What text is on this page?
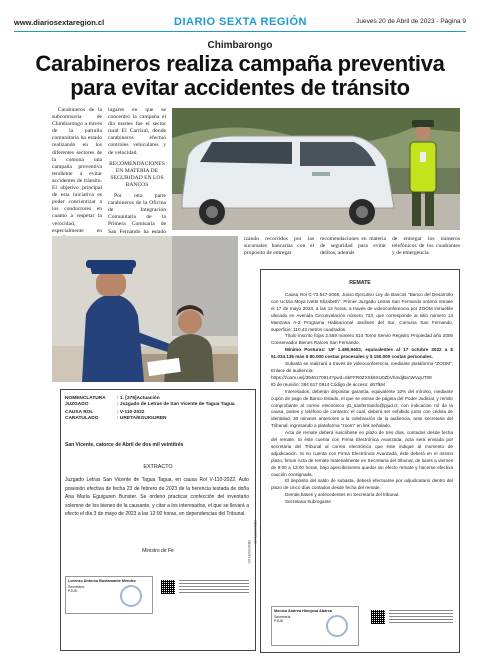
www.diariosextaregion.cl	DIARIO SEXTA REGIÓN	Jueves 20 de Abril de 2023 - Página 9
Chimbarongo
Carabineros realiza campaña preventiva para evitar accidentes de tránsito

Carabineros de la subcomisaría de Chimbarongo a través de la patrulla comunitaria ha estado realizando en los diferentes sectores de la comuna una campaña preventiva tendiente a evitar accidentes de tránsito. El objetivo principal de esta iniciativa es poder concientizar a los conductores en cuanto a respetar la velocidad, especialmente en

lugares en que se concentró la campaña el día martes fue el sector rural El Carrizal, donde carabineros efectuó controles vehiculares y de velocidad.

RECOMENDACIONES EN MATERIA DE SEGURIDAD EN LOS BANCOS

Por otra parte carabineros de la Oficina de Integración Comunitaria de la Primera Comisaría de San Fernando ha estado

izando recorridos por las sucursales bancarias con el propósito de entregar

recomendaciones en materia de seguridad para evitar delitos, además

de entregar los números telefónicos de los cuadrantes y de emergencia.

NOMENCLATURA	: 1. [378]Actuación
JUZGADO	: Juzgado de Letras de San Vicente de Tagua Tagua
CAUSA ROL	: V-110-2022
CARATULADO	: URETA/EGUIGUREN
San Vicente, catorce de Abril de dos mil veintitrés
EXTRACTO
Juzgado Letras San Vicente de Tagua Tagua, en causa Rol V-110-2022. Auto posesión efectiva de fecha 23 de febrero de 2023 de la herencia testada de doña Ana María Eguiguren Bunster. Se ordenó practicar confección del inventario solemne de los bienes de la causante, y citar a los interesados, el que se llevará a efecto el día 3 de mayo de 2023 a las 12:00 horas, en dependencias del Tribunal.
Ministro de Fe
Lorenzo Antonio Bustamante Méndez
Secretario
PJUD
XBXKSNXFLHG
REMATE

Causa Rol C-73.547-2008, Juicio Ejecutivo Ley de Bancos "Banco del Desarrollo con Uctzia Moya Ivette Elizabeth", Primer Juzgado Letras San Fernando ordenó remate el 17 de mayo 2023, a las 12 horas, a través de videoconferencia por ZOOM inmueble ubicado en Avenida Circunvalación número 723, que corresponde al sitio número 13 Manzana A-2 Programa Habitacional Jardines del Sur, Comuna San Fernando, superficie: 110,43 metros cuadrados.

Título inscrito fojas 2.559 número 514 Torno Servio Registro Propiedad año 2006 Conservador Bienes Raíces San Fernando.

Mínimo Posturas: UF 1.480,9403, equivalentes al 17 octubre 2022 a $ 51.034.136 más $ 80.000 costas procesales y $ 150.000 costas personales.

Subasta se realizará a través de videoconferencia, mediante plataforma "ZOOM". Enlace de audiencia:

https://zoom.us/j/3646170914?pwd=SkFFR0ZXSk9XU0ZbVhmdjBxcWVqUT09

ID de reunión: 364 617 0914 Código de acceso: d67fkM

Interesados, deberán depositar garantía, equivalente 10% del mínimo, mediante cupón de pago de Banco Estado, el que se extrae de página del Poder Judicial, y remitir comprobante al correo electrónico jl1_sanfernando@pjud.cl; con indicación rol de la causa, partes y teléfono de contacto; el cual, deberá ser exhibido junto con cédula de identidad, 30 minutos anteriores a la celebración de la audiencia, ante secretaria del Tribunal; ingresando a plataforma "zoom" en link señalado.

Acta de remate deberá suscribirse en plazo de tres días, contados desde fecha del remate. Si éste cuenta con Firma Electrónica Avanzada, acta será enviada por secretaria del Tribunal al correo electrónico que éste indique al momento de adjudicación. Si no cuenta con Firma Electrónica Avanzada, éste deberá en el mismo plazo, firmar Acta de remate materialmente en Secretaria del tribunal, de lunes a viernes de 9:00 a 13:00 horas, bajo apercibimiento quedar sin efecto remate y hacerse efectiva caución consignada.

El depósito del saldo de subasta, deberá efectuarse por adjudicatario dentro del plazo de cinco días contados desde fecha del remate.

Demás bases y antecedentes en Secretaría del tribunal.

Secretaria Subrogante

Monica Andrea Hinojosa Abarca
Secretaria
PJUD
XBXKSNXFLHG
